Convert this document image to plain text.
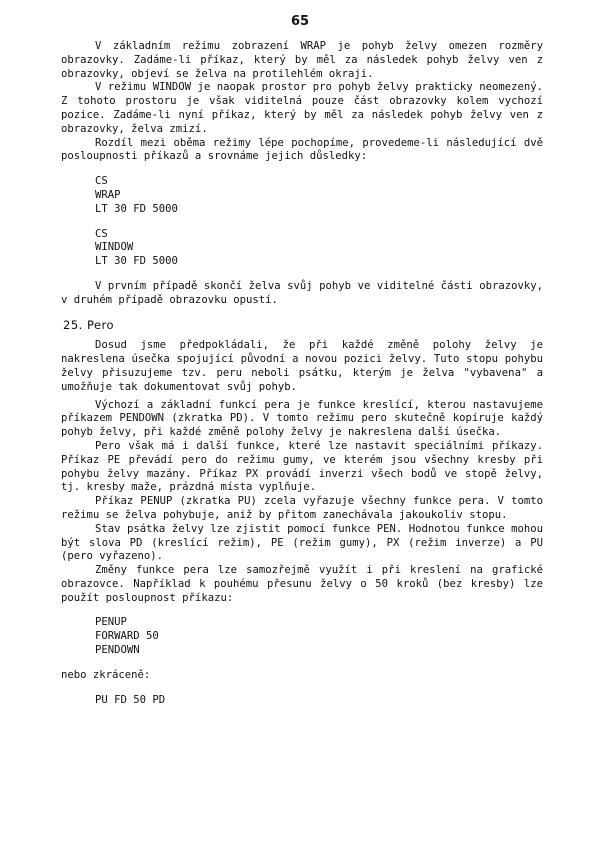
65
V základním režimu zobrazení WRAP je pohyb želvy omezen rozměry obrazovky. Zadáme-li příkaz, který by měl za následek pohyb želvy ven z obrazovky, objeví se želva na protilehlém okraji.
V režimu WINDOW je naopak prostor pro pohyb želvy prakticky neomezený. Z tohoto prostoru je však viditelná pouze část obrazovky kolem vychozí pozice. Zadáme-li nyní příkaz, který by měl za následek pohyb želvy ven z obrazovky, želva zmizí.
Rozdíl mezi oběma režimy lépe pochopíme, provedeme-li následující dvě posloupnosti příkazů a srovnáme jejich důsledky:
CS
WRAP
LT 30 FD 5000
CS
WINDOW
LT 30 FD 5000
V prvním případě skončí želva svůj pohyb ve viditelné části obrazovky, v druhém případě obrazovku opustí.
25. Pero
Dosud jsme předpokládali, že při každé změně polohy želvy je nakreslena úsečka spojující původní a novou pozici želvy. Tuto stopu pohybu želvy přisuzujeme tzv. peru neboli psátku, kterým je želva "vybavena" a umožňuje tak dokumentovat svůj pohyb.
Výchozí a základní funkcí pera je funkce kreslící, kterou nastavujeme příkazem PENDOWN (zkratka PD). V tomto režimu pero skutečně kopíruje každý pohyb želvy, při každé změně polohy želvy je nakreslena další úsečka.
Pero však má i další funkce, které lze nastavit speciálními příkazy. Příkaz PE převádí pero do režimu gumy, ve kterém jsou všechny kresby při pohybu želvy mazány. Příkaz PX provádí inverzi všech bodů ve stopě želvy, tj. kresby maže, prázdná místa vyplňuje.
Příkaz PENUP (zkratka PU) zcela vyřazuje všechny funkce pera. V tomto režimu se želva pohybuje, aniž by přitom zanechávala jakoukoliv stopu.
Stav psátka želvy lze zjistit pomocí funkce PEN. Hodnotou funkce mohou být slova PD (kreslící režim), PE (režim gumy), PX (režim inverze) a PU (pero vyřazeno).
Změny funkce pera lze samozřejmě využít i při kreslení na grafické obrazovce. Například k pouhému přesunu želvy o 50 kroků (bez kresby) lze použít posloupnost příkazu:
PENUP
FORWARD 50
PENDOWN
nebo zkráceně:
PU FD 50 PD
